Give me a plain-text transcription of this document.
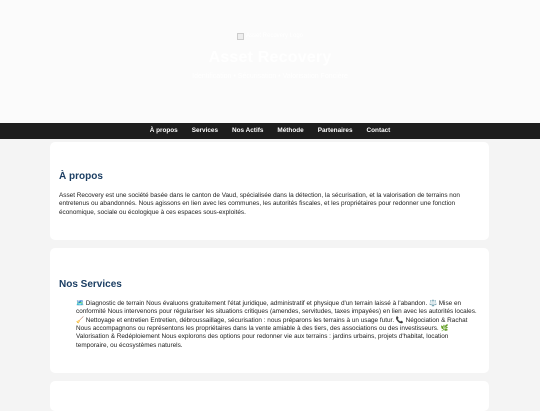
Asset Recovery Logo
Asset Recovery
Identification • Sécurisation • Valorisation Foncière
À propos Services Nos Actifs Méthode Partenaires Contact
À propos

Asset Recovery est une société basée dans le canton de Vaud, spécialisée dans la détection, la sécurisation, et la valorisation de terrains non entretenus ou abandonnés. Nous agissons en lien avec les communes, les autorités fiscales, et les propriétaires pour redonner une fonction économique, sociale ou écologique à ces espaces sous-exploités.

Nos Services

🗺️ Diagnostic de terrain Nous évaluons gratuitement l'état juridique, administratif et physique d'un terrain laissé à l'abandon. ⚖️ Mise en conformité Nous intervenons pour régulariser les situations critiques (amendes, servitudes, taxes impayées) en lien avec les autorités locales. 🧹 Nettoyage et entretien Entretien, débroussaillage, sécurisation : nous préparons les terrains à un usage futur. 📞 Négociation & Rachat Nous accompagnons ou représentons les propriétaires dans la vente amiable à des tiers, des associations ou des investisseurs. 🌿 Valorisation & Redéploiement Nous explorons des options pour redonner vie aux terrains : jardins urbains, projets d'habitat, location temporaire, ou écosystèmes naturels.
